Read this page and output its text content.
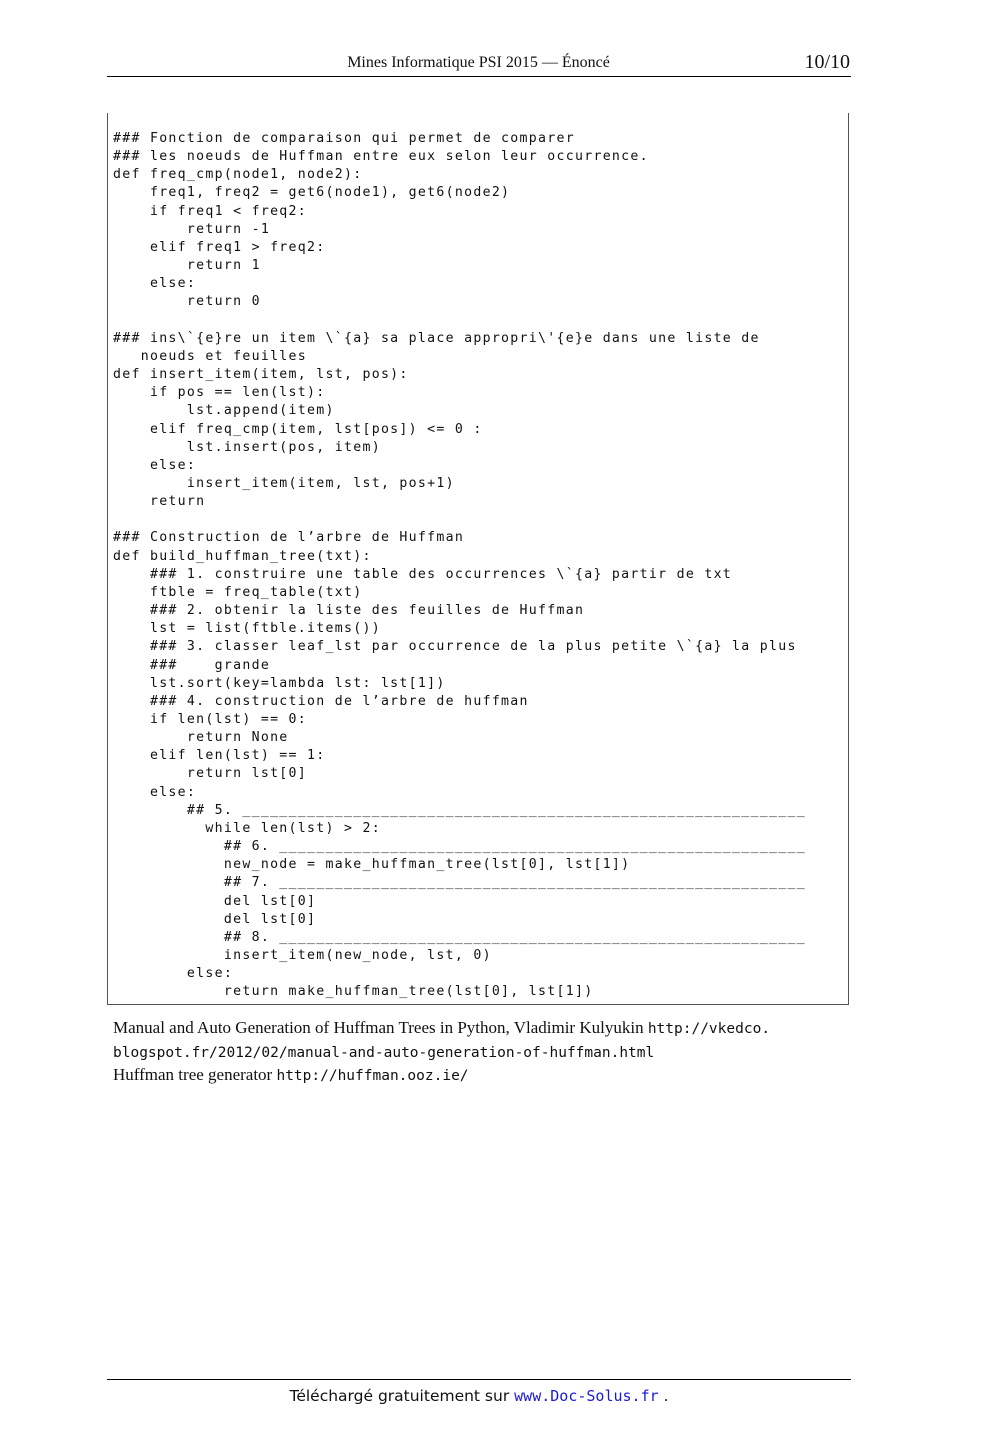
Mines Informatique PSI 2015 — Énoncé	10/10
### Fonction de comparaison qui permet de comparer
### les noeuds de Huffman entre eux selon leur occurrence.
def freq_cmp(node1, node2):
freq1, freq2 = get6(node1), get6(node2)
if freq1 < freq2:
return -1
elif freq1 > freq2:
return 1
else:
return 0

### ins\`{e}re un item \`{a} sa place appropri\'{e}e dans une liste de
noeuds et feuilles
def insert_item(item, lst, pos):
if pos == len(lst):
lst.append(item)
elif freq_cmp(item, lst[pos]) <= 0 :
lst.insert(pos, item)
else:
insert_item(item, lst, pos+1)
return

### Construction de l’arbre de Huffman
def build_huffman_tree(txt):
### 1. construire une table des occurrences \`{a} partir de txt
ftble = freq_table(txt)
### 2. obtenir la liste des feuilles de Huffman
lst = list(ftble.items())
### 3. classer leaf_lst par occurrence de la plus petite \`{a} la plus
###    grande
lst.sort(key=lambda lst: lst[1])
### 4. construction de l’arbre de huffman
if len(lst) == 0:
return None
elif len(lst) == 1:
return lst[0]
else:
## 5. _____________________________________________________________
while len(lst) > 2:
## 6. _________________________________________________________
new_node = make_huffman_tree(lst[0], lst[1])
## 7. _________________________________________________________
del lst[0]
del lst[0]
## 8. _________________________________________________________
insert_item(new_node, lst, 0)
else:
return make_huffman_tree(lst[0], lst[1])
Manual and Auto Generation of Huffman Trees in Python, Vladimir Kulyukin http://vkedco.
blogspot.fr/2012/02/manual-and-auto-generation-of-huffman.html
Huffman tree generator http://huffman.ooz.ie/
Téléchargé gratuitement sur www.Doc-Solus.fr .
